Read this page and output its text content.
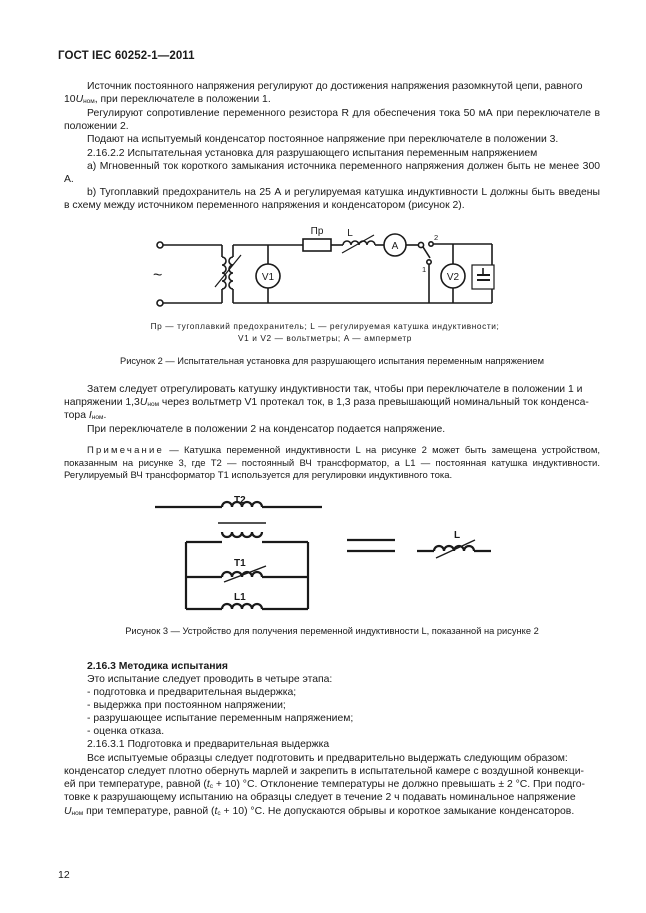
ГОСТ IEC 60252-1—2011
Источник постоянного напряжения регулируют до достижения напряжения разомкнутой цепи, равного
10Uном, при переключателе в положении 1.
Регулируют сопротивление переменного резистора R для обеспечения тока 50 мА при переключателе в положении 2.
Подают на испытуемый конденсатор постоянное напряжение при переключателе в положении 3.
2.16.2.2 Испытательная установка для разрушающего испытания переменным напряжением
а) Мгновенный ток короткого замыкания источника переменного напряжения должен быть не менее 300 А.
b) Тугоплавкий предохранитель на 25 А и регулируемая катушка индуктивности L должны быть введены в схему между источником переменного напряжения и конденсатором (рисунок 2).
~	V1	V2
A
Пр L	2
1
Пр — тугоплавкий предохранитель; L — регулируемая катушка индуктивности;
V1 и V2 — вольтметры; A — амперметр
Рисунок 2 — Испытательная установка для разрушающего испытания переменным напряжением
Затем следует отрегулировать катушку индуктивности так, чтобы при переключателе в положении 1 и
напряжении 1,3Uном через вольтметр V1 протекал ток, в 1,3 раза превышающий номинальный ток конденса-
тора Iном.
При переключателе в положении 2 на конденсатор подается напряжение.
Примечание — Катушка переменной индуктивности L на рисунке 2 может быть замещена устройством, показанным на рисунке 3, где T2 — постоянный ВЧ трансформатор, а L1 — постоянная катушка индуктивности. Регулируемый ВЧ трансформатор T1 используется для регулировки индуктивного тока.
T2
T1
L1
L
Рисунок 3 — Устройство для получения переменной индуктивности L, показанной на рисунке 2
2.16.3 Методика испытания
Это испытание следует проводить в четыре этапа:
- подготовка и предварительная выдержка;
- выдержка при постоянном напряжении;
- разрушающее испытание переменным напряжением;
- оценка отказа.
2.16.3.1 Подготовка и предварительная выдержка
Все испытуемые образцы следует подготовить и предварительно выдержать следующим образом:
конденсатор следует плотно обернуть марлей и закрепить в испытательной камере с воздушной конвекци-
ей при температуре, равной (tc + 10) °С. Отклонение температуры не должно превышать ± 2 °С. При подго-
товке к разрушающему испытанию на образцы следует в течение 2 ч подавать номинальное напряжение
Uном при температуре, равной (tc + 10) °С. Не допускаются обрывы и короткое замыкание конденсаторов.
12
